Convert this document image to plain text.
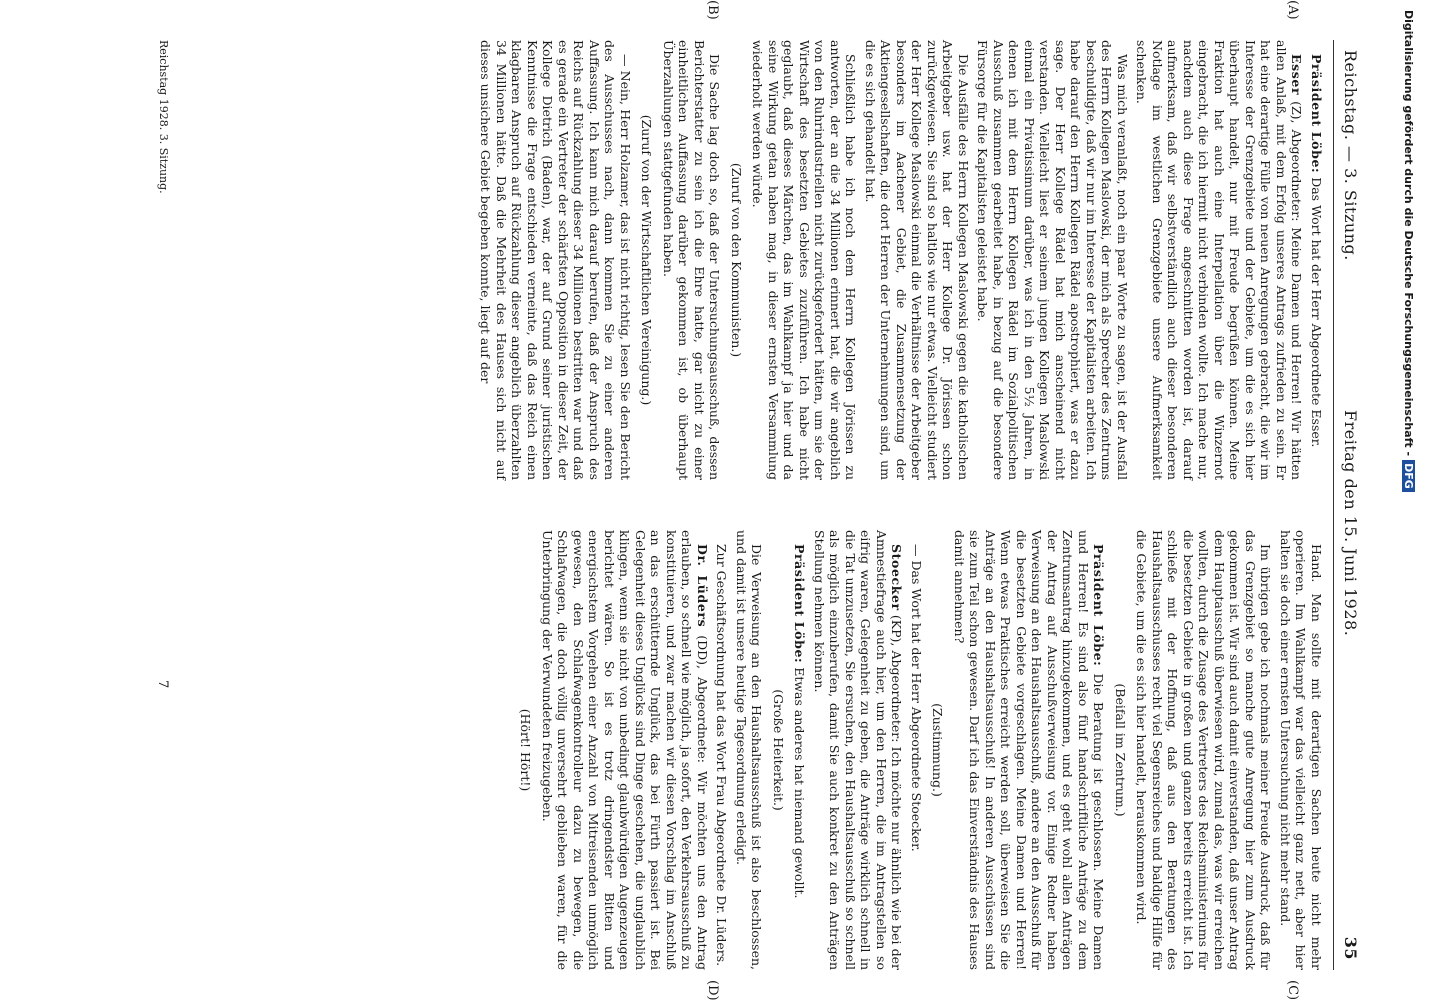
Reichstag. — 3. Sitzung.
Freitag den 15. Juni 1928.
35
(A)
(B)
(C)
(D)

Präsident Löbe: Das Wort hat der Herr Abgeordnete Esser.

Esser (Z), Abgeordneter: Meine Damen und Herren! Wir hätten allen Anlaß, mit dem Erfolg unseres Antrags zufrieden zu sein. Er hat eine derartige Fülle von neuen Anregungen gebracht, die wir im Interesse der Grenzgebiete und der Gebiete, um die es sich hier überhaupt handelt, nur mit Freude begrüßen können. Meine Fraktion hat auch eine Interpellation über die Winzernot eingebracht, die ich hiermit nicht verbinden wollte. Ich mache nur, nachdem auch diese Frage angeschnitten worden ist, darauf aufmerksam, daß wir selbstverständlich auch dieser besonderen Notlage im westlichen Grenzgebiete unsere Aufmerksamkeit schenken.

Was mich veranlaßt, noch ein paar Worte zu sagen, ist der Ausfall des Herrn Kollegen Maslowski, der mich als Sprecher des Zentrums beschuldigte, daß wir nur im Interesse der Kapitalisten arbeiten. Ich habe darauf den Herrn Kollegen Rädel apostrophiert, was er dazu sage. Der Herr Kollege Rädel hat mich anscheinend nicht verstanden. Vielleicht liest er seinem jungen Kollegen Maslowski einmal ein Privatissimum darüber, was ich in den 5½ Jahren, in denen ich mit dem Herrn Kollegen Rädel im Sozialpolitischen Ausschuß zusammen gearbeitet habe, in bezug auf die besondere Fürsorge für die Kapitalisten geleistet habe.

Die Ausfälle des Herrn Kollegen Maslowski gegen die katholischen Arbeitgeber usw. hat der Herr Kollege Dr. Jörissen schon zurückgewiesen. Sie sind so haltlos wie nur etwas. Vielleicht studiert der Herr Kollege Maslowski einmal die Verhältnisse der Arbeitgeber besonders im Aachener Gebiet, die Zusammensetzung der Aktiengesellschaften, die dort Herren der Unternehmungen sind, um die es sich gehandelt hat.

Schließlich habe ich noch dem Herrn Kollegen Jörissen zu antworten, der an die 34 Millionen erinnert hat, die wir angeblich von den Ruhrindustriellen nicht zurückgefordert hätten, um sie der Wirtschaft des besetzten Gebietes zuzuführen. Ich habe nicht geglaubt, daß dieses Märchen, das im Wahlkampf ja hier und da seine Wirkung getan haben mag, in dieser ernsten Versammlung wiederholt werden würde.

(Zuruf von den Kommunisten.)

Die Sache lag doch so, daß der Untersuchungsausschuß, dessen Berichterstatter zu sein ich die Ehre hatte, gar nicht zu einer einheitlichen Auffassung darüber gekommen ist, ob überhaupt Überzahlungen stattgefunden haben.

(Zuruf von der Wirtschaftlichen Vereinigung.)

— Nein, Herr Holzamer, das ist nicht richtig, lesen Sie den Bericht des Ausschusses nach, dann kommen Sie zu einer anderen Auffassung. Ich kann mich darauf berufen, daß der Anspruch des Reichs auf Rückzahlung dieser 34 Millionen bestritten war und daß es gerade ein Vertreter der schärfsten Opposition in dieser Zeit, der Kollege Dietrich (Baden), war, der auf Grund seiner juristischen Kenntnisse die Frage entschieden verneinte, daß das Reich einen klagbaren Anspruch auf Rückzahlung dieser angeblich überzahlten 34 Millionen hätte. Daß die Mehrheit des Hauses sich nicht auf dieses unsichere Gebiet begeben konnte, liegt auf der

Hand. Man sollte mit derartigen Sachen heute nicht mehr operieren. Im Wahlkampf war das vielleicht ganz nett, aber hier halten sie doch einer ernsten Untersuchung nicht mehr stand.

Im übrigen gebe ich nochmals meiner Freude Ausdruck, daß für das Grenzgebiet so manche gute Anregung hier zum Ausdruck gekommen ist. Wir sind auch damit einverstanden, daß unser Antrag dem Hauptausschuß überwiesen wird, zumal das, was wir erreichen wollten, durch die Zusage des Vertreters des Reichsministeriums für die besetzten Gebiete in großen und ganzen bereits erreicht ist. Ich schließe mit der Hoffnung, daß aus den Beratungen des Haushaltsausschusses recht viel Segensreiches und baldige Hilfe für die Gebiete, um die es sich hier handelt, herauskommen wird.

(Beifall im Zentrum.)

Präsident Löbe: Die Beratung ist geschlossen. Meine Damen und Herren! Es sind also fünf handschriftliche Anträge zu dem Zentrumsantrag hinzugekommen, und es geht wohl allen Anträgen der Antrag auf Ausschußverweisung vor. Einige Redner haben Verweisung an den Haushaltsausschuß, andere an den Ausschuß für die besetzten Gebiete vorgeschlagen. Meine Damen und Herren! Wenn etwas Praktisches erreicht werden soll, überweisen Sie die Anträge an den Haushaltsausschuß! In anderen Ausschüssen sind sie zum Teil schon gewesen. Darf ich das Einverständnis des Hauses damit annehmen?

(Zustimmung.)

— Das Wort hat der Herr Abgeordnete Stoecker.

Stoecker (KP), Abgeordneter: Ich möchte nur ähnlich wie bei der Amnestiefrage auch hier, um den Herren, die im Antragstellen so eifrig waren, Gelegenheit zu geben, die Anträge wirklich schnell in die Tat umzusetzen, Sie ersuchen, den Haushaltsausschuß so schnell als möglich einzuberufen, damit Sie auch konkret zu den Anträgen Stellung nehmen können.

Präsident Löbe: Etwas anderes hat niemand gewollt.

(Große Heiterkeit.)

Die Verweisung an den Haushaltsausschuß ist also beschlossen, und damit ist unsere heutige Tagesordnung erledigt.

Zur Geschäftsordnung hat das Wort Frau Abgeordnete Dr. Lüders.

Dr. Lüders (DD), Abgeordnete: Wir möchten uns den Antrag erlauben, so schnell wie möglich, ja sofort, den Verkehrsausschuß zu konstituieren, und zwar machen wir diesen Vorschlag im Anschluß an das erschütternde Unglück, das bei Fürth passiert ist. Bei Gelegenheit dieses Unglücks sind Dinge geschehen, die unglaublich klingen, wenn sie nicht von unbedingt glaubwürdigen Augenzeugen berichtet wären. So ist es trotz dringendster Bitten und energischstem Vorgehen einer Anzahl von Mitreisenden unmöglich gewesen, den Schlafwagenkontrolleur dazu zu bewegen, die Schlafwagen, die doch völlig unversehrt geblieben waren, für die Unterbringung der Verwundeten freizugeben.

(Hört! Hört!)

Reichstag 1928. 3. Sitzung.
7
Digitalisierung gefördert durch die Deutsche Forschungsgemeinschaft -DFG
